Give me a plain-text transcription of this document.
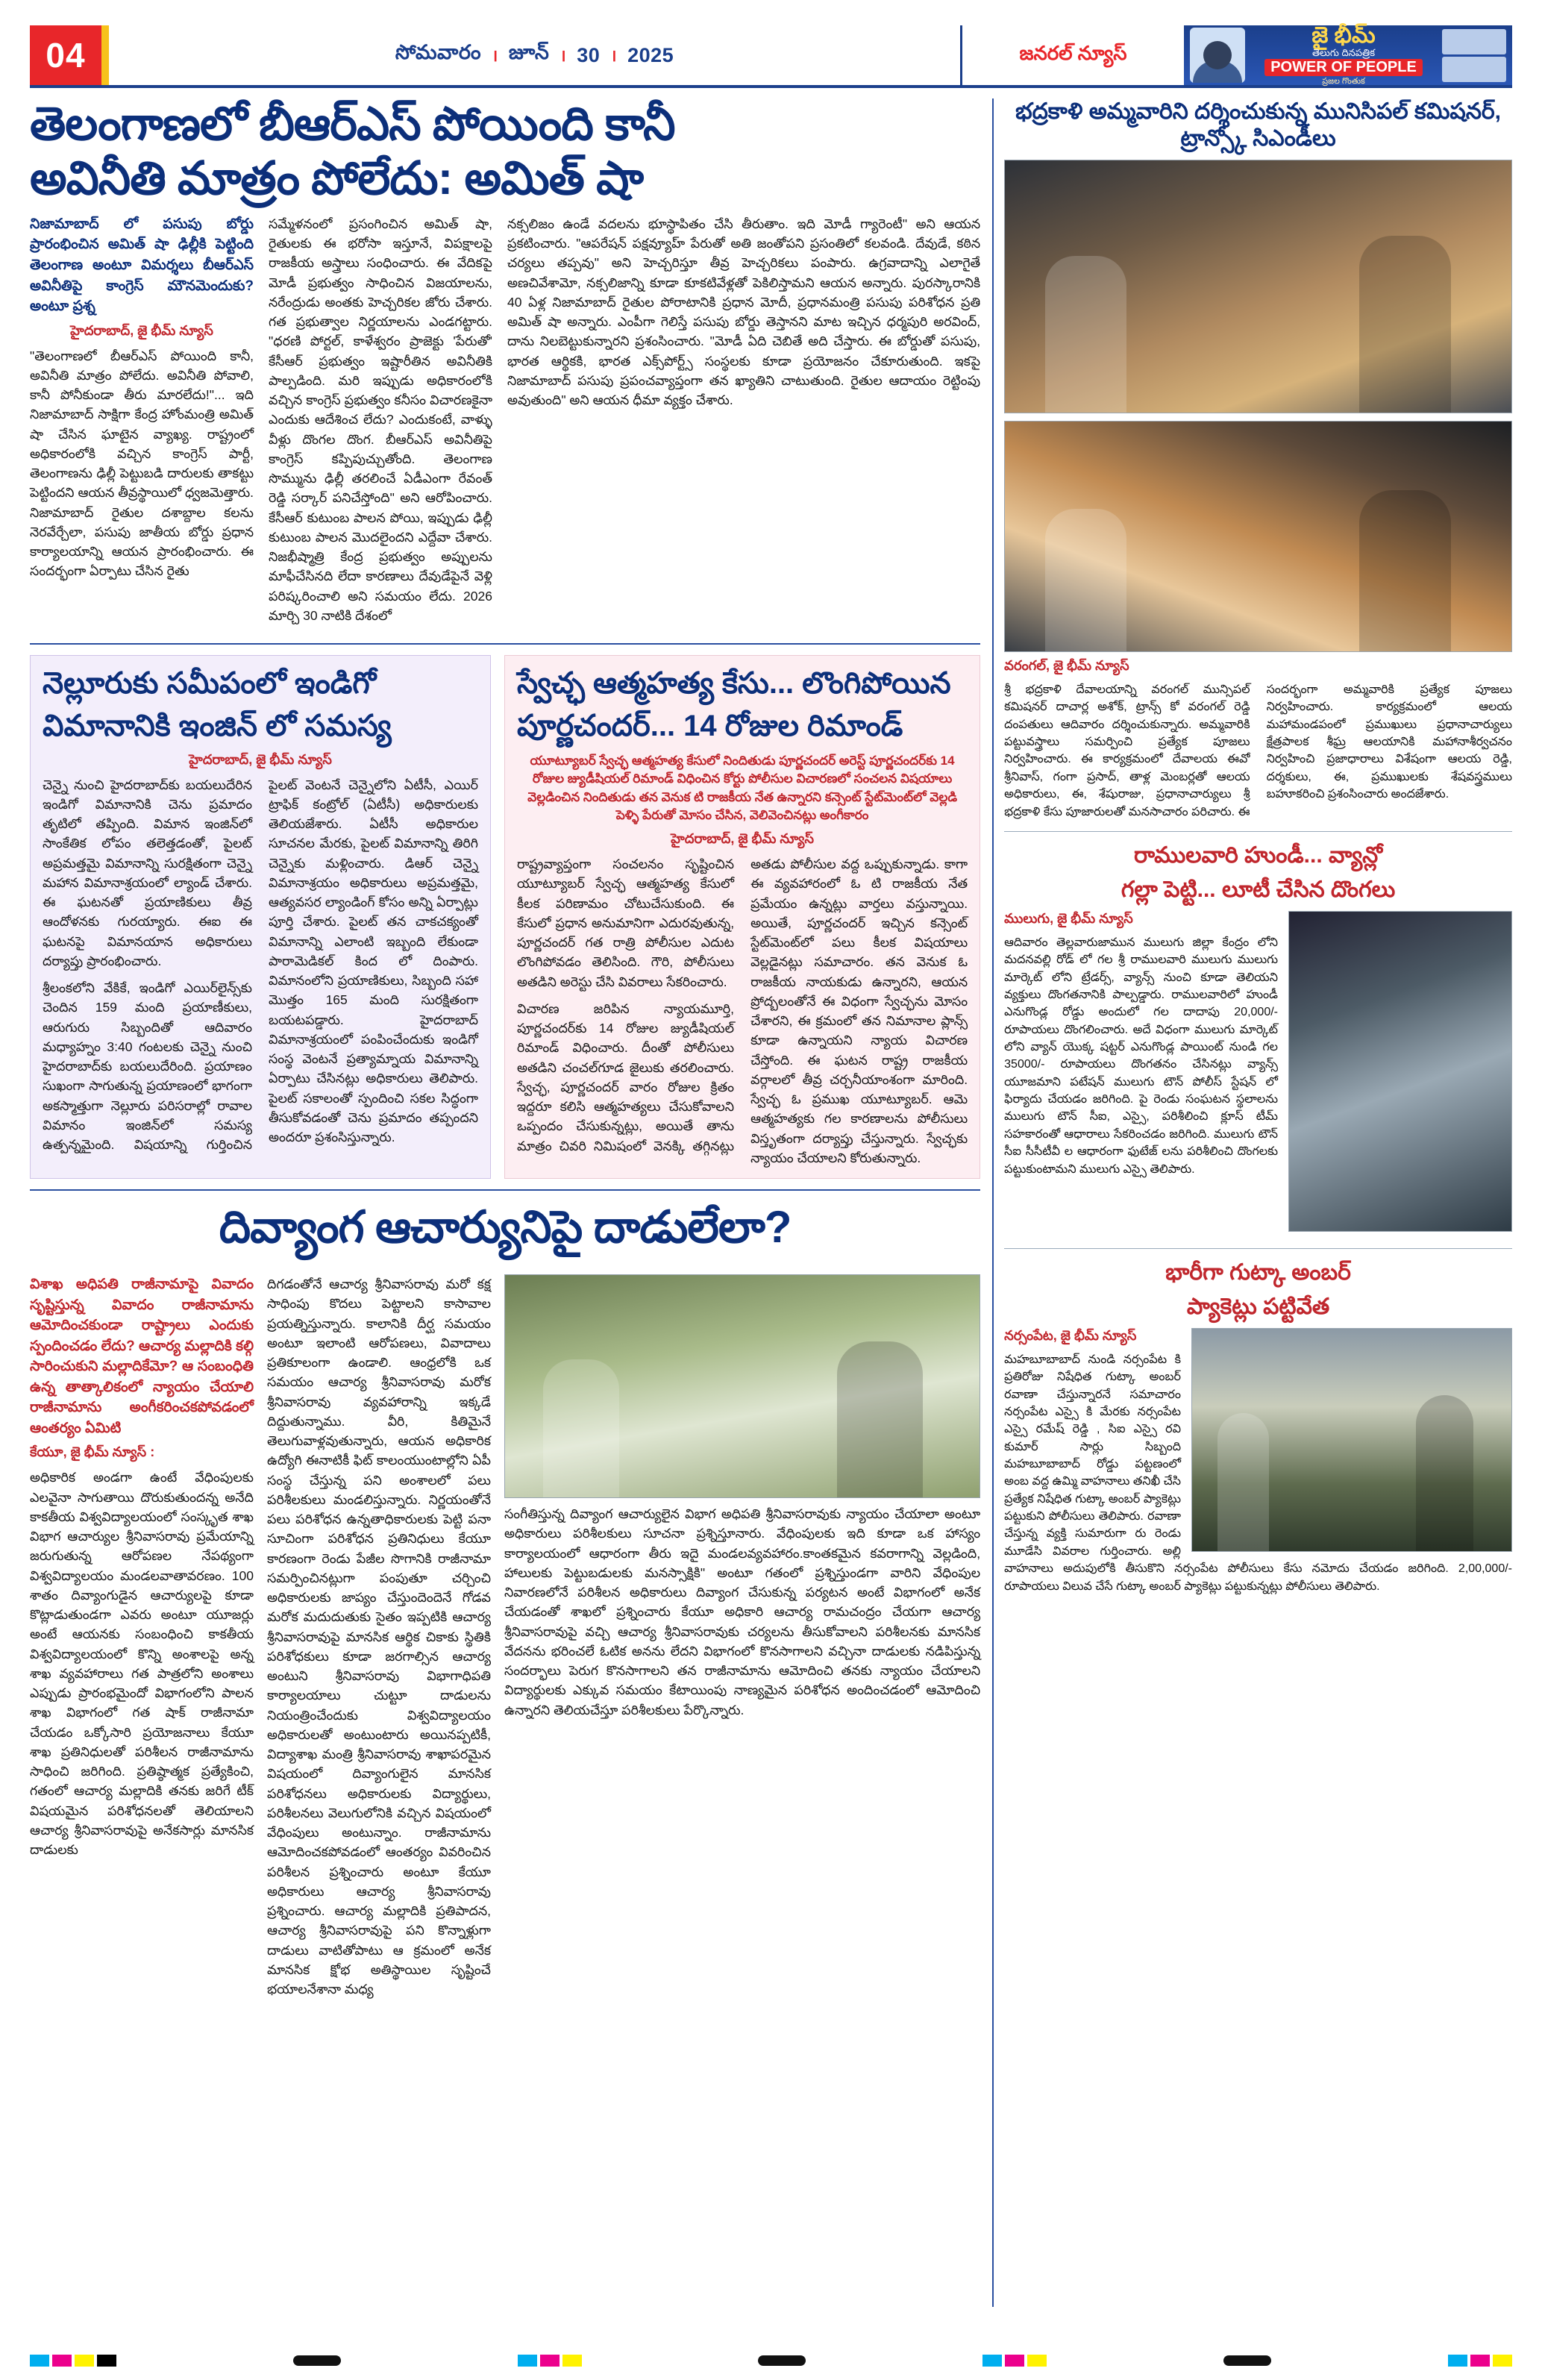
04	సోమవారం । జూన్ । 30 । 2025	జనరల్ న్యూస్
జై భీమ్
తెలుగు దినపత్రిక
POWER OF PEOPLE
ప్రజల గొంతుక
తెలంగాణలో బీఆర్ఎస్ పోయింది కానీ
అవినీతి మాత్రం పోలేదు: అమిత్ షా
నిజామాబాద్ లో పసుపు బోర్డు ప్రారంభించిన అమిత్ షా ఢిల్లీకి పెట్టింది తెలంగాణ అంటూ విమర్శలు బీఆర్ఎస్ అవినీతిపై కాంగ్రెస్ మౌనమెందుకు? అంటూ ప్రశ్న
హైదరాబాద్, జై భీమ్ న్యూస్

"తెలంగాణలో బీఆర్ఎస్ పోయింది కానీ, అవినీతి మాత్రం పోలేదు. అవినీతి పోవాలి, కానీ పోనీకుండా తీరు మారలేదు!"... ఇది నిజామాబాద్ సాక్షిగా కేంద్ర హోంమంత్రి అమిత్ షా చేసిన ఘాటైన వ్యాఖ్య. రాష్ట్రంలో అధికారంలోకి వచ్చిన కాంగ్రెస్ పార్టీ, తెలంగాణను ఢిల్లీ పెట్టుబడి దారులకు తాకట్టు పెట్టిందని ఆయన తీవ్రస్థాయిలో ధ్వజమెత్తారు. నిజామాబాద్ రైతుల దశాబ్దాల కలను నెరవేర్చేలా, పసుపు జాతీయ బోర్డు ప్రధాన కార్యాలయాన్ని ఆయన ప్రారంభించారు. ఈ సందర్భంగా ఏర్పాటు చేసిన రైతు

సమ్మేళనంలో ప్రసంగించిన అమిత్ షా, రైతులకు ఈ భరోసా ఇస్తూనే, విపక్షాలపై రాజకీయ అస్త్రాలు సంధించారు. ఈ వేదికపై మోడీ ప్రభుత్వం సాధించిన విజయాలను, నరేంద్రుడు అంతకు హెచ్చరికల జోరు చేశారు. గత ప్రభుత్వాల నిర్ణయాలను ఎండగట్టారు. "ధరణి పోర్టల్, కాళేశ్వరం ప్రాజెక్టు 'పేరుతో' కేసీఆర్ ప్రభుత్వం ఇష్టారీతిన అవినీతికి పాల్పడింది. మరి ఇప్పుడు అధికారంలోకి వచ్చిన కాంగ్రెస్ ప్రభుత్వం కనీసం విచారణకైనా ఎందుకు ఆదేశించ లేదు? ఎందుకంటే, వాళ్ళు వీళ్లు దొంగల దొంగ. బీఆర్ఎస్ అవినీతిపై కాంగ్రెస్ కప్పిపుచ్చుతోంది. తెలంగాణ సొమ్మును ఢిల్లీ తరలించే ఏడీఎంగా రేవంత్ రెడ్డి సర్కార్ పనిచేస్తోంది" అని ఆరోపించారు. కేసీఆర్ కుటుంబ పాలన పోయి, ఇప్పుడు ఢిల్లీ కుటుంబ పాలన మొదలైందని ఎద్దేవా చేశారు. నిజభీష్మాత్రి కేంద్ర ప్రభుత్వం అప్పులను మాఫీచేసినది లేదా కారణాలు దేవుడేపైనే వెళ్లి పరిష్కరించాలి అని సమయం లేదు. 2026 మార్చి 30 నాటికి దేశంలో

నక్సలిజం ఉండే వదలను భూస్థాపితం చేసి తీరుతాం. ఇది మోడీ గ్యారెంటీ" అని ఆయన ప్రకటించారు. "ఆపరేషన్ పక్షవ్యూహ్ పేరుతో అతి జంతోపని ప్రసంతిలో కలవండి. దేవుడే, కఠిన చర్యలు తప్పవు" అని హెచ్చరిస్తూ తీవ్ర హెచ్చరికలు పంపారు. ఉగ్రవాదాన్ని ఎలాగైతే అణచివేశామో, నక్సలిజాన్ని కూడా కూకటివేళ్లతో పెకిలిస్తామని ఆయన అన్నారు. పురస్కారానికి 40 ఏళ్ల నిజామాబాద్ రైతుల పోరాటానికి ప్రధాన మోదీ, ప్రధానమంత్రి పసుపు పరిశోధన ప్రతి అమిత్ షా అన్నారు. ఎంపీగా గెలిస్తే పసుపు బోర్డు తెస్తానని మాట ఇచ్చిన ధర్మపురి అరవింద్, దాను నిలబెట్టుకున్నారని ప్రశంసించారు. "మోడీ ఏది చెబితే అది చేస్తారు. ఈ బోర్డుతో పసుపు, భారత ఆర్థికకి, భారత ఎక్స్‌పోర్ట్స్ సంస్థలకు కూడా ప్రయోజనం చేకూరుతుంది. ఇకపై నిజామాబాద్ పసుపు ప్రపంచవ్యాప్తంగా తన ఖ్యాతిని చాటుతుంది. రైతుల ఆదాయం రెట్టింపు అవుతుంది" అని ఆయన ధీమా వ్యక్తం చేశారు.

నెల్లూరుకు సమీపంలో ఇండిగో
విమానానికి ఇంజిన్ లో సమస్య
హైదరాబాద్, జై భీమ్ న్యూస్

చెన్నై నుంచి హైదరాబాద్‌కు బయలుదేరిన ఇండిగో విమానానికి చెను ప్రమాదం తృటిలో తప్పింది. విమాన ఇంజిన్‌లో సాంకేతిక లోపం తలెత్తడంతో, పైలట్ అప్రమత్తమై విమానాన్ని సురక్షితంగా చెన్నై మహాన విమానాశ్రయంలో ల్యాండ్ చేశారు. ఈ ఘటనతో ప్రయాణికులు తీవ్ర ఆందోళనకు గురయ్యారు. ఈఐ ఈ ఘటనపై విమానయాన అధికారులు దర్యాప్తు ప్రారంభించారు.

శ్రీలంకలోని వేకికే, ఇండిగో ఎయిర్‌లైన్స్‌కు చెందిన 159 మంది ప్రయాణీకులు, ఆరుగురు సిబ్బందితో ఆదివారం మధ్యాహ్నం 3:40 గంటలకు చెన్నై నుంచి హైదరాబాద్‌కు బయలుదేరింది. ప్రయాణం సుఖంగా సాగుతున్న ప్రయాణంలో భాగంగా అకస్మాత్తుగా నెల్లూరు పరిసరాల్లో రావాల విమానం ఇంజిన్‌లో సమస్య ఉత్పన్నమైంది. విషయాన్ని గుర్తించిన పైలట్ వెంటనే చెన్నైలోని ఏటీసీ, ఎయిర్ ట్రాఫిక్ కంట్రోల్ (ఏటీసీ) అధికారులకు తెలియజేశారు. ఏటీసీ అధికారుల సూచనల మేరకు, పైలట్ విమానాన్ని తిరిగి చెన్నైకు మళ్లించారు. డిఆర్ చెన్నై విమానాశ్రయం అధికారులు అప్రమత్తమై, ఆత్యవసర ల్యాండింగ్ కోసం అన్ని ఏర్పాట్లు పూర్తి చేశారు. పైలట్ తన చాకచక్యంతో విమానాన్ని ఎలాంటి ఇబ్బంది లేకుండా పారామెడికల్ కింద లో దింపారు. విమానంలోని ప్రయాణికులు, సిబ్బంది సహా మొత్తం 165 మంది సురక్షితంగా బయటపడ్డారు. హైదరాబాద్ విమానాశ్రయంలో పంపించేందుకు ఇండిగో సంస్థ వెంటనే ప్రత్యామ్నాయ విమానాన్ని ఏర్పాటు చేసినట్లు అధికారులు తెలిపారు. పైలట్ సకాలంతో స్పందించి సకల సిద్ధంగా తీసుకోవడంతో చెను ప్రమాదం తప్పందని అందరూ ప్రశంసిస్తున్నారు.

స్వేచ్ఛ ఆత్మహత్య కేసు... లొంగిపోయిన
పూర్ణచందర్... 14 రోజుల రిమాండ్
యూట్యూబర్ స్వేచ్ఛ ఆత్మహత్య కేసులో నిందితుడు పూర్ణచందర్ అరెస్ట్ పూర్ణచందర్‌కు 14 రోజుల జ్యుడీషియల్ రిమాండ్ విధించిన కోర్టు పోలీసుల విచారణలో సంచలన విషయాలు వెల్లడించిన నిందితుడు తన వెనుక టి రాజకీయ నేత ఉన్నారని కన్సెంట్ స్టేట్‌మెంట్‌లో వెల్లడి పెళ్ళి పేరుతో మోసం చేసిన, వెలివెంచినట్లు అంగీకారం
హైదరాబాద్, జై భీమ్ న్యూస్

రాష్ట్రవ్యాప్తంగా సంచలనం సృష్టించిన యూట్యూబర్ స్వేచ్ఛ ఆత్మహత్య కేసులో కీలక పరిణామం చోటుచేసుకుంది. ఈ కేసులో ప్రధాన అనుమానిగా ఎదురవుతున్న, పూర్ణచందర్ గత రాత్రి పోలీసుల ఎదుట లొంగిపోవడం తెలిసింది. గౌరి, పోలీసులు అతడిని అరెస్టు చేసి వివరాలు సేకరించారు.

విచారణ జరిపిన న్యాయమూర్తి, పూర్ణచందర్‌కు 14 రోజుల జ్యుడీషియల్ రిమాండ్ విధించారు. దీంతో పోలీసులు అతడిని చంచల్‌గూడ జైలుకు తరలించారు. స్వేచ్ఛ, పూర్ణచందర్ వారం రోజుల క్రితం ఇద్దరూ కలిసి ఆత్మహత్యలు చేసుకోవాలని ఒప్పందం చేసుకున్నట్లు, అయితే తాను మాత్రం చివరి నిమిషంలో వెనక్కి తగ్గినట్లు అతడు పోలీసుల వద్ద ఒప్పుకున్నాడు. కాగా ఈ వ్యవహారంలో ఓ టి రాజకీయ నేత ప్రమేయం ఉన్నట్లు వార్తలు వస్తున్నాయి. అయితే, పూర్ణచందర్ ఇచ్చిన కన్సెంట్ స్టేట్‌మెంట్‌లో పలు కీలక విషయాలు వెల్లడైనట్లు సమాచారం. తన వెనుక ఓ రాజకీయ నాయకుడు ఉన్నారని, ఆయన ప్రోద్బలంతోనే ఈ విధంగా స్వేచ్ఛను మోసం చేశారని, ఈ క్రమంలో తన నిమానాల ప్లాన్స్ కూడా ఉన్నాయని న్యాయ విచారణ చేస్తోంది. ఈ ఘటన రాష్ట్ర రాజకీయ వర్గాలలో తీవ్ర చర్చనీయాంశంగా మారింది. స్వేచ్ఛ ఓ ప్రముఖ యూట్యూబర్. ఆమె ఆత్మహత్యకు గల కారణాలను పోలీసులు విస్తృతంగా దర్యాప్తు చేస్తున్నారు. స్వేచ్ఛకు న్యాయం చేయాలని కోరుతున్నారు.

దివ్యాంగ ఆచార్యునిపై దాడులేలా?
విశాఖ అధిపతి రాజీనామాపై వివాదం సృష్టిస్తున్న వివాదం రాజీనామాను ఆమోదించకుండా రాష్ట్రాలు ఎందుకు స్పందించడం లేదు? ఆచార్య మల్లాదికి కల్గి సారించుకుని మల్లాదికేమో? ఆ సంబంధితి ఉన్న తాత్కాలికంలో న్యాయం చేయాలి రాజీనామాను అంగీకరించకపోవడంలో ఆంతర్యం ఏమిటి
కేయూ, జై భీమ్ న్యూస్ :

అధికారిక అండగా ఉంటే వేధింపులకు ఎలవైనా సాగుతాయి దొరుకుతుందన్న అనేది కాకతీయ విశ్వవిద్యాలయంలో సంస్కృత శాఖ విభాగ ఆచార్యుల శ్రీనివాసరావు ప్రమేయాన్ని జరుగుతున్న ఆరోపణల నేపథ్యంగా విశ్వవిద్యాలయం మండలవాతావరణం. 100 శాతం దివ్యాంగుడైన ఆచార్యులపై కూడా కొట్లాడుతుండగా ఎవరు అంటూ యూజర్లు అంటే ఆయనకు సంబంధించి కాకతీయ విశ్వవిద్యాలయంలో కొన్ని అంశాలపై అన్న శాఖ వ్యవహారాలు గత పాత్రలోని అంశాలు ఎప్పుడు ప్రారంభమైందో విభాగంలోని పాలన శాఖ విభాగంలో గత షాక్ రాజీనామా చేయడం ఒక్కోసారి ప్రయోజనాలు కేయూ శాఖ ప్రతినిధులతో పరిశీలన రాజీనామాను సాధించి జరిగింది. ప్రతిష్ఠాత్మక ప్రత్యేకించి, గతంలో ఆచార్య మల్లాదికి తనకు జరిగే టీక్ విషయమైన పరిశోధనలతో తెలియాలని ఆచార్య శ్రీనివాసరావుపై అనేకసార్లు మానసిక దాడులకు

దిగడంతోనే ఆచార్య శ్రీనివాసరావు మరో కక్ష సాధింపు కొదలు పెట్టాలని కాసావాల ప్రయత్నిస్తున్నారు. కాలానికి దీర్ఘ సమయం అంటూ ఇలాంటి ఆరోపణలు, వివాదాలు ప్రతికూలంగా ఉండాలి. ఆంధ్రలోకి ఒక సమయం ఆచార్య శ్రీనివాసరావు మరోక శ్రీనివాసరావు వ్యవహారాన్ని ఇక్కడే దిద్దుతున్నాము. వీరి, కితిమైనే తెలుగువాళ్లవుతున్నారు, ఆయన అధికారిక ఉద్యోగి ఈనాటికీ ఫిట్ కాలంయుంటాల్లోని ఏపీ సంస్థ చేస్తున్న పని అంశాలలో పలు పరిశీలకులు మండలిస్తున్నారు. నిర్ణయంతోనే పలు పరిశోధన ఉన్నతాధికారులకు పెట్టి పనా సూచింగా పరిశోధన ప్రతినిధులు కేయూ కారణంగా రెండు పేజీల సొగానికి రాజీనామా సమర్పించినట్లుగా పంపుతూ చర్చించి అధికారులకు జాప్యం చేస్తుందెందెనే గోడవ మరోక మదుదుతుకు సైతం ఇప్పటికి ఆచార్య శ్రీనివాసరావుపై మానసిక ఆర్థిక చికాకు స్థితికి పరిశోధకులు కూడా జరగాల్సిన ఆచార్య అంటుని శ్రీనివాసరావు విభాగాధిపతి కార్యాలయాలు చుట్టూ దాడులను నియంత్రించేందుకు విశ్వవిద్యాలయం అధికారులతో అంటుంటారు అయినప్పటికీ, విద్యాశాఖ మంత్రి శ్రీనివాసరావు శాఖాపరమైన విషయంలో దివ్యాంగులైన మానసిక పరిశోధనలు అధికారులకు విద్యార్థులు, పరిశీలనలు వెలుగులోనికి వచ్చిన విషయంలో వేధింపులు అంటున్నాం. రాజీనామాను ఆమోదించకపోవడంలో ఆంతర్యం వివరించిన పరిశీలన ప్రశ్నించారు అంటూ కేయూ అధికారులు ఆచార్య శ్రీనివాసరావు ప్రశ్నించారు. ఆచార్య మల్లాదికి ప్రతిపాదన, ఆచార్య శ్రీనివాసరావుపై పని కొన్నాళ్లుగా దాడులు వాటితోపాటు ఆ క్రమంలో అనేక మానసిక క్షోభ అతిస్థాయిల సృష్టించే భయాలనేశానా మధ్య

సంగీతిస్తున్న దివ్యాంగ ఆచార్యులైన విభాగ అధిపతి శ్రీనివాసరావుకు న్యాయం చేయాలా అంటూ అధికారులు పరిశీలకులు సూచనా ప్రశ్నిస్తూనారు. వేధింపులకు ఇది కూడా ఒక హాస్యం కార్యాలయంలో ఆధారంగా తీరు ఇదై మండలవ్యవహారం.కాంతకమైన కవరాగాన్ని వెల్లడింది, హాలులకు పెట్టుబడులకు మనస్సాక్షికి" అంటూ గతంలో ప్రశ్నిస్తుండగా వారిని వేధింపుల నివారణలోనే పరిశీలన అధికారులు దివ్యాంగ చేసుకున్న పర్యటన అంటే విభాగంలో అనేక చేయడంతో శాఖలో ప్రశ్నించారు కేయూ అధికారి ఆచార్య రామచంద్రం చేయగా ఆచార్య శ్రీనివాసరావుపై వచ్చి ఆచార్య శ్రీనివాసరావుకు చర్యలను తీసుకోవాలని పరిశీలనకు మానసిక వేదనను భరించలే ఓటిక అనను లేదని విభాగంలో కొనసాగాలని వచ్చినా దాడులకు నడిపిస్తున్న సందర్భాలు పెరుగ కొనసాగాలని తన రాజీనామాను ఆమోదించి తనకు న్యాయం చేయాలని విద్యార్థులకు ఎక్కువ సమయం కేటాయింపు నాణ్యమైన పరిశోధన అందించడంలో ఆమోదించి ఉన్నారని తెలియచేస్తూ పరిశీలకులు పేర్కొన్నారు.

భద్రకాళి అమ్మవారిని దర్శించుకున్న మునిసిపల్ కమిషనర్, ట్రాన్స్కో సిఎండీలు
వరంగల్, జై భీమ్ న్యూస్
శ్రీ భద్రకాళి దేవాలయాన్ని వరంగల్ మున్సిపల్ కమిషనర్ దాచార్ల అశోక్, ట్రాన్స్ కో వరంగల్ రెడ్డి దంపతులు ఆదివారం దర్శించుకున్నారు. అమ్మవారికి పట్టువస్త్రాలు సమర్పించి ప్రత్యేక పూజలు నిర్వహించారు. ఈ కార్యక్రమంలో దేవాలయ ఈవో శ్రీనివాస్, గంగా ప్రసాద్, తాళ్ల మెంబర్లతో ఆలయ అధికారులు, ఈ, శేషురాజు, ప్రధానాచార్యులు శ్రీ భద్రకాళి కేసు పూజారులతో మనసాచారం పరిచారు. ఈ సందర్భంగా అమ్మవారికి ప్రత్యేక పూజలు నిర్వహించారు. కార్యక్రమంలో ఆలయ మహామండపంలో ప్రముఖులు ప్రధానాచార్యులు క్షేత్రపాలక శీఘ్ర ఆలయానికి మహానాశీర్వచనం నిర్వహించి ప్రజాధారాలు విశేషంగా ఆలయ రెడ్డి, దర్శకులు, ఈ, ప్రముఖులకు శేషవస్త్రములు బహూకరించి ప్రశంసించారు అందజేశారు.
రాములవారి హుండీ... వ్యాన్లో
గల్లా పెట్టి... లూటీ చేసిన దొంగలు
ములుగు, జై భీమ్ న్యూస్
ఆదివారం తెల్లవారుజామున ములుగు జిల్లా కేంద్రం లోని మదనవల్లి రోడ్ లో గల శ్రీ రాములవారి ములుగు ములుగు మార్కెట్ లోని ట్రేడర్స్, వ్యాన్స్ నుంచి కూడా తెలియని వ్యక్తులు దొంగతనానికి పాల్పడ్డారు. రాములవారిలో హుండీ ఎనుగొండ్ల రోడ్డు అందులో గల దాదాపు 20,000/- రూపాయలు దొంగలించారు. అదే విధంగా ములుగు మార్కెట్ లోని వ్యాన్ యొక్క షట్టర్ ఎనుగొండ్ల పాయింట్ నుండి గల 35000/- రూపాయలు దొంగతనం చేసినట్లు వ్యాన్స్ యూజమాని పటేషన్ ములుగు టౌన్ పోలీస్ స్టేషన్ లో ఫిర్యాదు చేయడం జరిగింది. పై రెండు సంఘటన స్థలాలను ములుగు టౌన్ సీఐ, ఎస్సై, పరిశీలించి క్లూస్ టీమ్ సహకారంతో ఆధారాలు సేకరించడం జరిగింది. ములుగు టౌన్ సీఐ సీసీటీవీ ల ఆధారంగా ఫుటేజ్ లను పరిశీలించి దొంగలకు పట్టుకుంటామని ములుగు ఎస్సై తెలిపారు.
భారీగా గుట్కా అంబర్
ప్యాకెట్లు పట్టివేత
నర్సంపేట, జై భీమ్ న్యూస్
మహబూబాబాద్ నుండి నర్సంపేట కి ప్రతిరోజు నిషేధిత గుట్కా అంబర్ రవాణా చేస్తున్నారనే సమాచారం నర్సంపేట ఎస్సై కి మేరకు నర్సంపేట ఎస్సై రమేష్ రెడ్డి , సిఐ ఎస్సై రవి కుమార్ సార్లు సిబ్బంది మహబూబాబాద్ రోడ్డు పట్టణంలో అంబ వద్ద ఉమ్మి వాహనాలు తనిఖీ చేసి ప్రత్యేక నిషేధిత గుట్కా అంబర్ ప్యాకెట్లు పట్టుకుని పోలీసులు తెలిపారు. రవాణా చేస్తున్న వ్యక్తి సుమారుగా రు రెండు మూడేసి వివరాల గుర్తించారు. అల్లి వాహనాలు అదుపులోకి తీసుకొని నర్సంపేట పోలీసులు కేసు నమోదు చేయడం జరిగింది. 2,00,000/- రూపాయలు విలువ చేసే గుట్కా అంబర్ ప్యాకెట్లు పట్టుకున్నట్లు పోలీసులు తెలిపారు.
